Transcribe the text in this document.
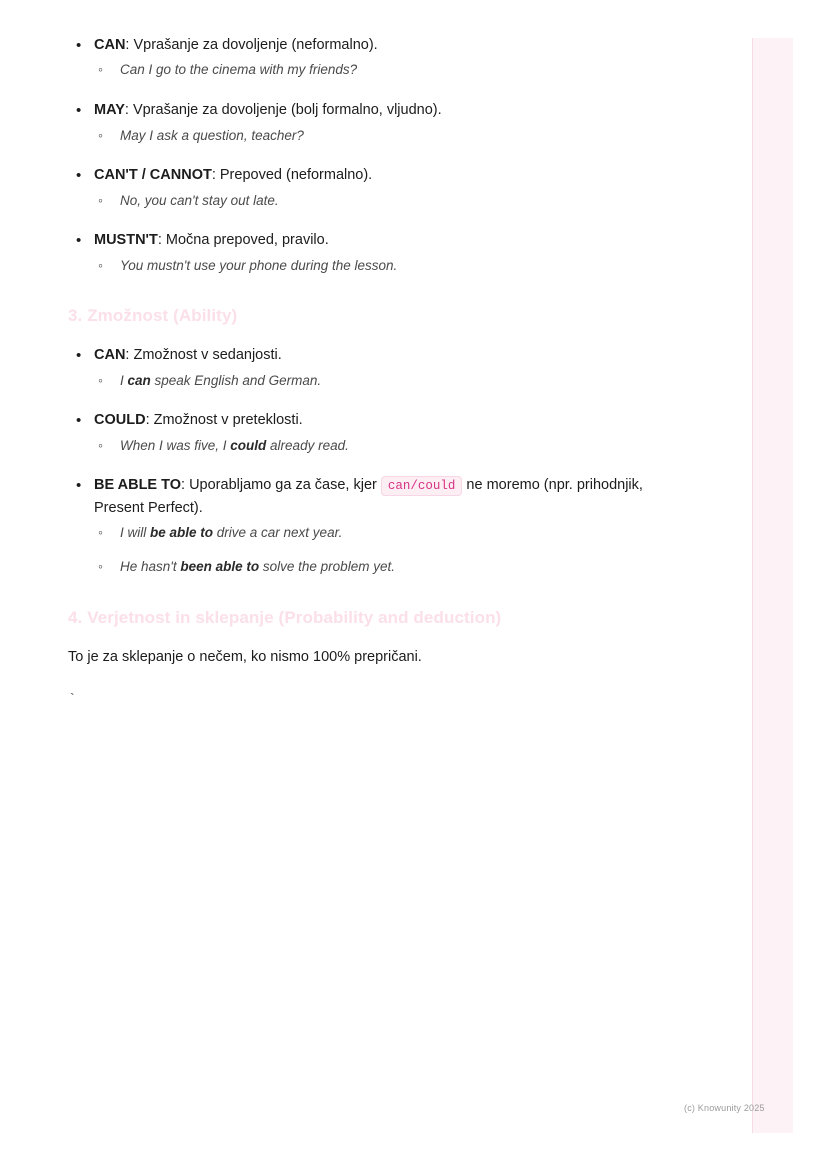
• CAN: Vprašanje za dovoljenje (neformalno).
◦ Can I go to the cinema with my friends?
• MAY: Vprašanje za dovoljenje (bolj formalno, vljudno).
◦ May I ask a question, teacher?
• CAN'T / CANNOT: Prepoved (neformalno).
◦ No, you can't stay out late.
• MUSTN'T: Močna prepoved, pravilo.
◦ You mustn't use your phone during the lesson.
3. Zmožnost (Ability)
• CAN: Zmožnost v sedanjosti.
◦ I can speak English and German.
• COULD: Zmožnost v preteklosti.
◦ When I was five, I could already read.
• BE ABLE TO: Uporabljamo ga za čase, kjer can/could ne moremo (npr. prihodnjik, Present Perfect).
◦ I will be able to drive a car next year.
◦ He hasn't been able to solve the problem yet.
4. Verjetnost in sklepanje (Probability and deduction)

To je za sklepanje o nečem, ko nismo 100% prepričani.

`

(c) Knowunity 2025
